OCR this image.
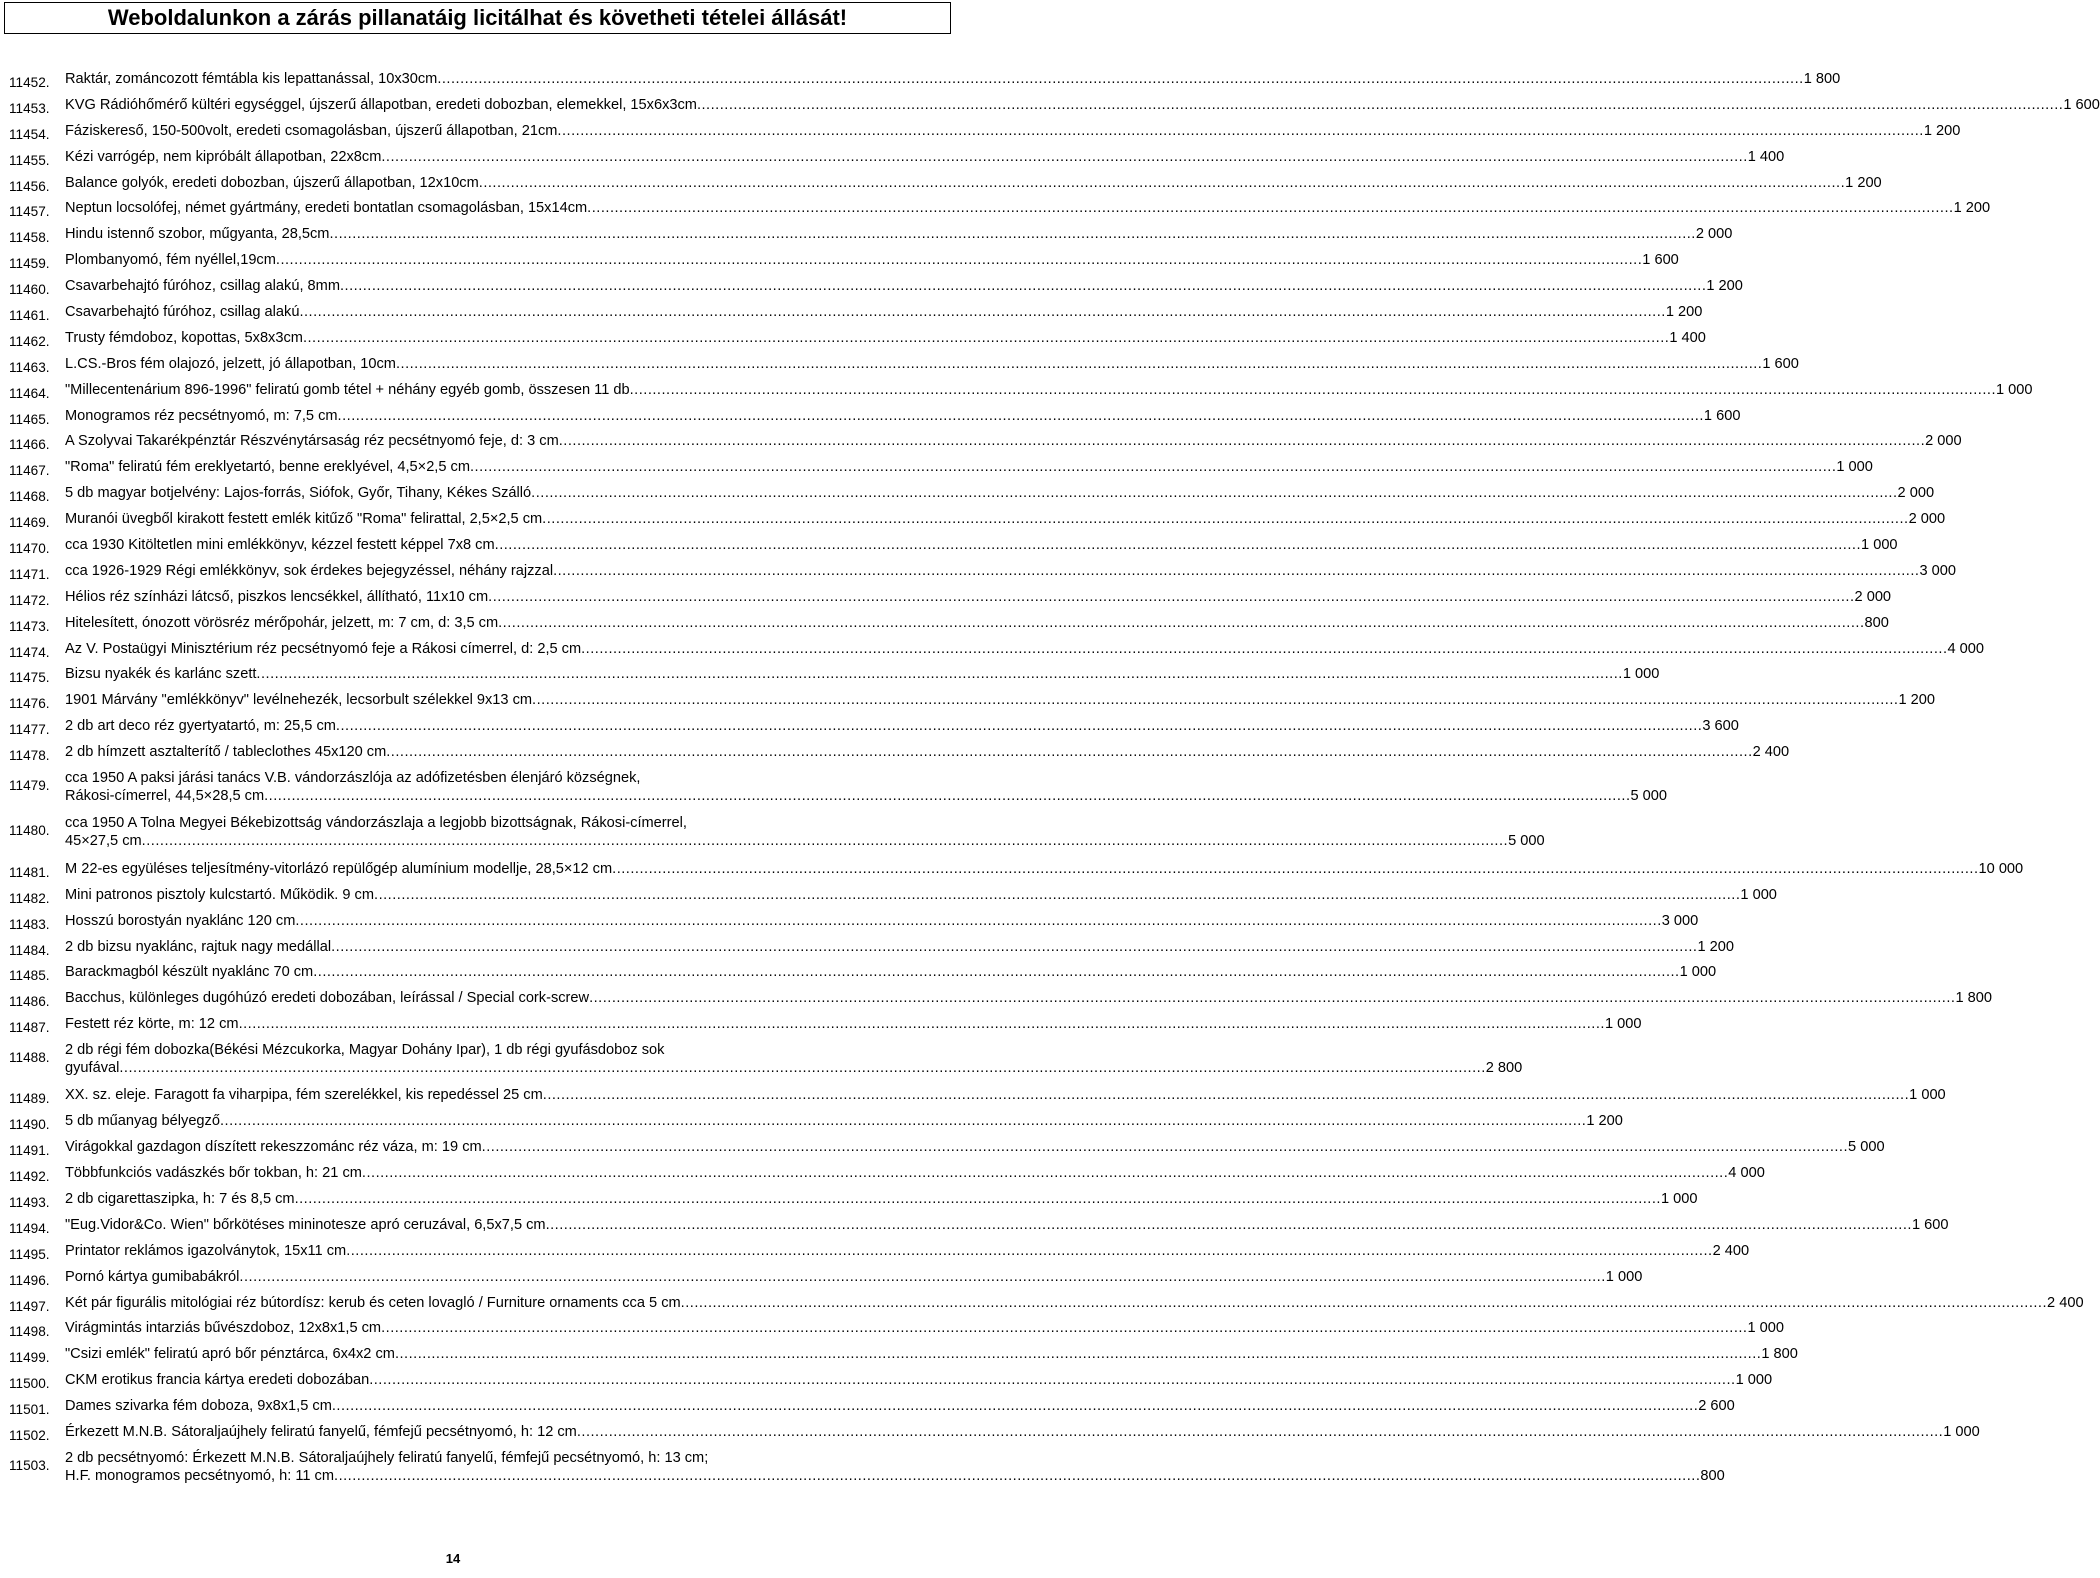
Weboldalunkon a zárás pillanatáig licitálhat és követheti tételei állását!
11452. Raktár, zománcozott fémtábla kis lepattanással, 10x30cm ............................................................................................................................................................................................................................................................................................................ 1 800
11453. KVG Rádióhőmérő kültéri egységgel, újszerű állapotban, eredeti dobozban, elemekkel, 15x6x3cm ............................................................................................................................................................................................................................................................................................................ 1 600
11454. Fáziskereső, 150-500volt, eredeti csomagolásban, újszerű állapotban, 21cm ............................................................................................................................................................................................................................................................................................................ 1 200
11455. Kézi varrógép, nem kipróbált állapotban, 22x8cm ............................................................................................................................................................................................................................................................................................................ 1 400
11456. Balance golyók, eredeti dobozban, újszerű állapotban, 12x10cm ............................................................................................................................................................................................................................................................................................................ 1 200
11457. Neptun locsolófej, német gyártmány, eredeti bontatlan csomagolásban, 15x14cm ............................................................................................................................................................................................................................................................................................................ 1 200
11458. Hindu istennő szobor, műgyanta, 28,5cm ............................................................................................................................................................................................................................................................................................................ 2 000
11459. Plombanyomó, fém nyéllel,19cm ............................................................................................................................................................................................................................................................................................................ 1 600
11460. Csavarbehajtó fúróhoz, csillag alakú, 8mm ............................................................................................................................................................................................................................................................................................................ 1 200
11461. Csavarbehajtó fúróhoz, csillag alakú ............................................................................................................................................................................................................................................................................................................ 1 200
11462. Trusty fémdoboz, kopottas, 5x8x3cm ............................................................................................................................................................................................................................................................................................................ 1 400
11463. L.CS.-Bros fém olajozó, jelzett, jó állapotban, 10cm ............................................................................................................................................................................................................................................................................................................ 1 600
11464. "Millecentenárium 896-1996" feliratú gomb tétel + néhány egyéb gomb, összesen 11 db ............................................................................................................................................................................................................................................................................................................ 1 000
11465. Monogramos réz pecsétnyomó, m: 7,5 cm ............................................................................................................................................................................................................................................................................................................ 1 600
11466. A Szolyvai Takarékpénztár Részvénytársaság réz pecsétnyomó feje, d: 3 cm ............................................................................................................................................................................................................................................................................................................ 2 000
11467. "Roma" feliratú fém ereklyetartó, benne ereklyével, 4,5×2,5 cm ............................................................................................................................................................................................................................................................................................................ 1 000
11468. 5 db magyar botjelvény: Lajos-forrás, Siófok, Győr, Tihany, Kékes Szálló ............................................................................................................................................................................................................................................................................................................ 2 000
11469. Muranói üvegből kirakott festett emlék kitűző "Roma" felirattal, 2,5×2,5 cm ............................................................................................................................................................................................................................................................................................................ 2 000
11470. cca 1930 Kitöltetlen mini emlékkönyv, kézzel festett képpel 7x8 cm ............................................................................................................................................................................................................................................................................................................ 1 000
11471. cca 1926-1929 Régi emlékkönyv, sok érdekes bejegyzéssel, néhány rajzzal ............................................................................................................................................................................................................................................................................................................ 3 000
11472. Hélios réz színházi látcső, piszkos lencsékkel, állítható, 11x10 cm ............................................................................................................................................................................................................................................................................................................ 2 000
11473. Hitelesített, ónozott vörösréz mérőpohár, jelzett, m: 7 cm, d: 3,5 cm ............................................................................................................................................................................................................................................................................................................ 800
11474. Az V. Postaügyi Minisztérium réz pecsétnyomó feje a Rákosi címerrel, d: 2,5 cm ............................................................................................................................................................................................................................................................................................................ 4 000
11475. Bizsu nyakék és karlánc szett ............................................................................................................................................................................................................................................................................................................ 1 000
11476. 1901 Márvány "emlékkönyv" levélnehezék, lecsorbult szélekkel 9x13 cm ............................................................................................................................................................................................................................................................................................................ 1 200
11477. 2 db art deco réz gyertyatartó, m: 25,5 cm ............................................................................................................................................................................................................................................................................................................ 3 600
11478. 2 db hímzett asztalterítő / tableclothes 45x120 cm ............................................................................................................................................................................................................................................................................................................ 2 400
11479. cca 1950 A paksi járási tanács V.B. vándorzászlója az adófizetésben élenjáró községnek,
Rákosi-címerrel, 44,5×28,5 cm ............................................................................................................................................................................................................................................................................................................ 5 000
11480. cca 1950 A Tolna Megyei Békebizottság vándorzászlaja a legjobb bizottságnak, Rákosi-címerrel,
45×27,5 cm ............................................................................................................................................................................................................................................................................................................ 5 000
11481. M 22-es együléses teljesítmény-vitorlázó repülőgép alumínium modellje, 28,5×12 cm ............................................................................................................................................................................................................................................................................................................ 10 000
11482. Mini patronos pisztoly kulcstartó. Működik. 9 cm ............................................................................................................................................................................................................................................................................................................ 1 000
11483. Hosszú borostyán nyaklánc 120 cm ............................................................................................................................................................................................................................................................................................................ 3 000
11484. 2 db bizsu nyaklánc, rajtuk nagy medállal ............................................................................................................................................................................................................................................................................................................ 1 200
11485. Barackmagból készült nyaklánc 70 cm ............................................................................................................................................................................................................................................................................................................ 1 000
11486. Bacchus, különleges dugóhúzó eredeti dobozában, leírással / Special cork-screw ............................................................................................................................................................................................................................................................................................................ 1 800
11487. Festett réz körte, m: 12 cm ............................................................................................................................................................................................................................................................................................................ 1 000
11488. 2 db régi fém dobozka(Békési Mézcukorka, Magyar Dohány Ipar), 1 db régi gyufásdoboz sok
gyufával ............................................................................................................................................................................................................................................................................................................ 2 800
11489. XX. sz. eleje. Faragott fa viharpipa, fém szerelékkel, kis repedéssel 25 cm ............................................................................................................................................................................................................................................................................................................ 1 000
11490. 5 db műanyag bélyegző ............................................................................................................................................................................................................................................................................................................ 1 200
11491. Virágokkal gazdagon díszített rekeszzománc réz váza, m: 19 cm ............................................................................................................................................................................................................................................................................................................ 5 000
11492. Többfunkciós vadászkés bőr tokban, h: 21 cm ............................................................................................................................................................................................................................................................................................................ 4 000
11493. 2 db cigarettaszipka, h: 7 és 8,5 cm ............................................................................................................................................................................................................................................................................................................ 1 000
11494. "Eug.Vidor&Co. Wien" bőrkötéses mininotesze apró ceruzával, 6,5x7,5 cm ............................................................................................................................................................................................................................................................................................................ 1 600
11495. Printator reklámos igazolványtok, 15x11 cm ............................................................................................................................................................................................................................................................................................................ 2 400
11496. Pornó kártya gumibabákról ............................................................................................................................................................................................................................................................................................................ 1 000
11497. Két pár figurális mitológiai réz bútordísz: kerub és ceten lovagló / Furniture ornaments cca 5 cm ............................................................................................................................................................................................................................................................................................................ 2 400
11498. Virágmintás intarziás bűvészdoboz, 12x8x1,5 cm ............................................................................................................................................................................................................................................................................................................ 1 000
11499. "Csizi emlék" feliratú apró bőr pénztárca, 6x4x2 cm ............................................................................................................................................................................................................................................................................................................ 1 800
11500. CKM erotikus francia kártya eredeti dobozában ............................................................................................................................................................................................................................................................................................................ 1 000
11501. Dames szivarka fém doboza, 9x8x1,5 cm ............................................................................................................................................................................................................................................................................................................ 2 600
11502. Érkezett M.N.B. Sátoraljaújhely feliratú fanyelű, fémfejű pecsétnyomó, h: 12 cm ............................................................................................................................................................................................................................................................................................................ 1 000
11503. 2 db pecsétnyomó: Érkezett M.N.B. Sátoraljaújhely feliratú fanyelű, fémfejű pecsétnyomó, h: 13 cm;
H.F. monogramos pecsétnyomó, h: 11 cm ............................................................................................................................................................................................................................................................................................................ 800
14
